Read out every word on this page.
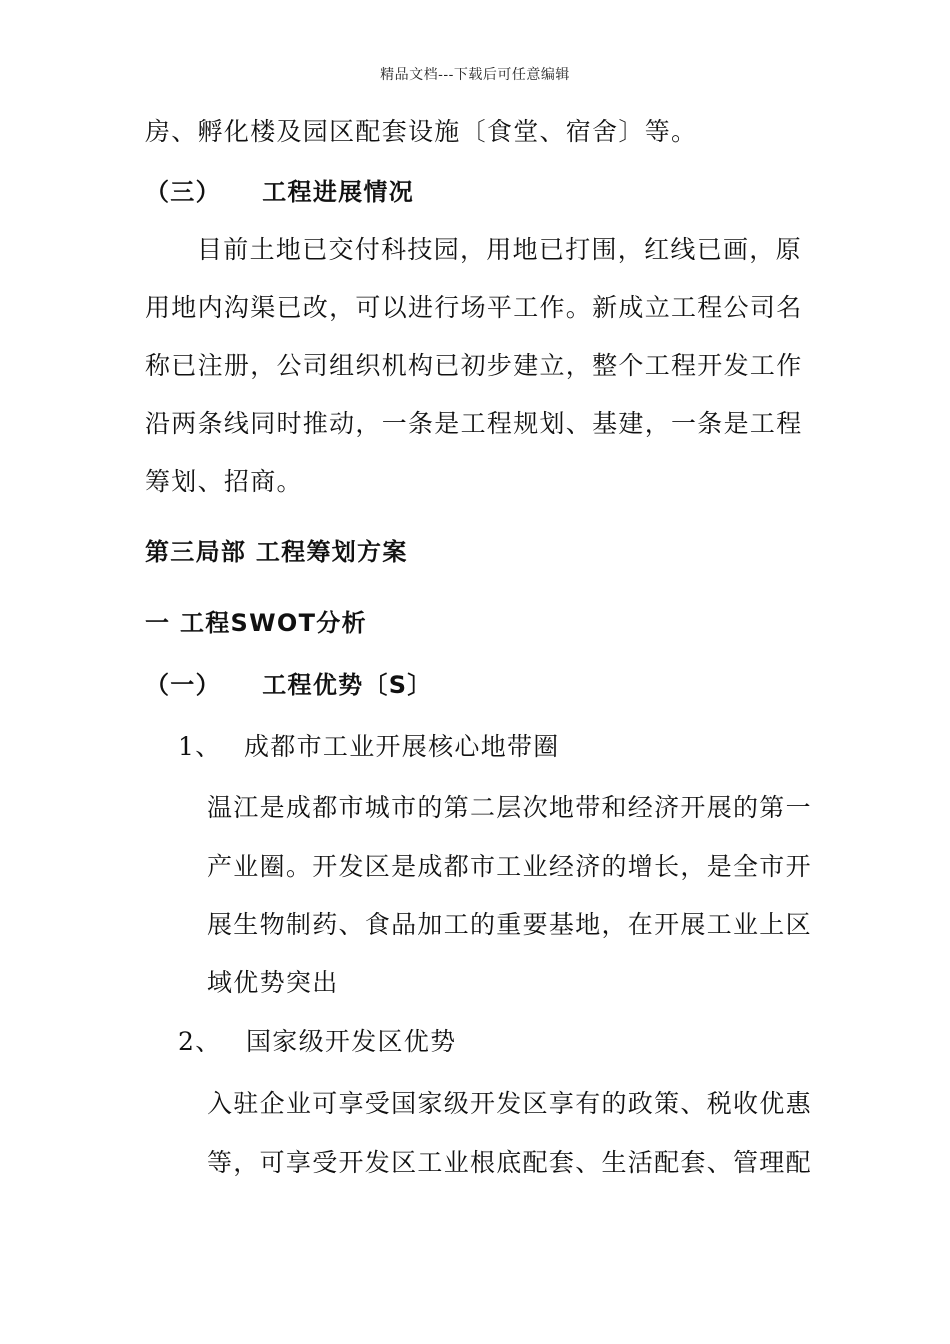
精品文档---下载后可任意编辑
房、孵化楼及园区配套设施〔食堂、宿舍〕等。
（三） 工程进展情况
目前土地已交付科技园，用地已打围，红线已画，原
用地内沟渠已改，可以进行场平工作。新成立工程公司名
称已注册，公司组织机构已初步建立，整个工程开发工作
沿两条线同时推动，一条是工程规划、基建，一条是工程
筹划、招商。
第三局部 工程筹划方案
一 工程SWOT分析
（一） 工程优势〔S〕
1、 成都市工业开展核心地带圈
温江是成都市城市的第二层次地带和经济开展的第一
产业圈。开发区是成都市工业经济的增长，是全市开
展生物制药、食品加工的重要基地，在开展工业上区
域优势突出
2、 国家级开发区优势
入驻企业可享受国家级开发区享有的政策、税收优惠
等，可享受开发区工业根底配套、生活配套、管理配
